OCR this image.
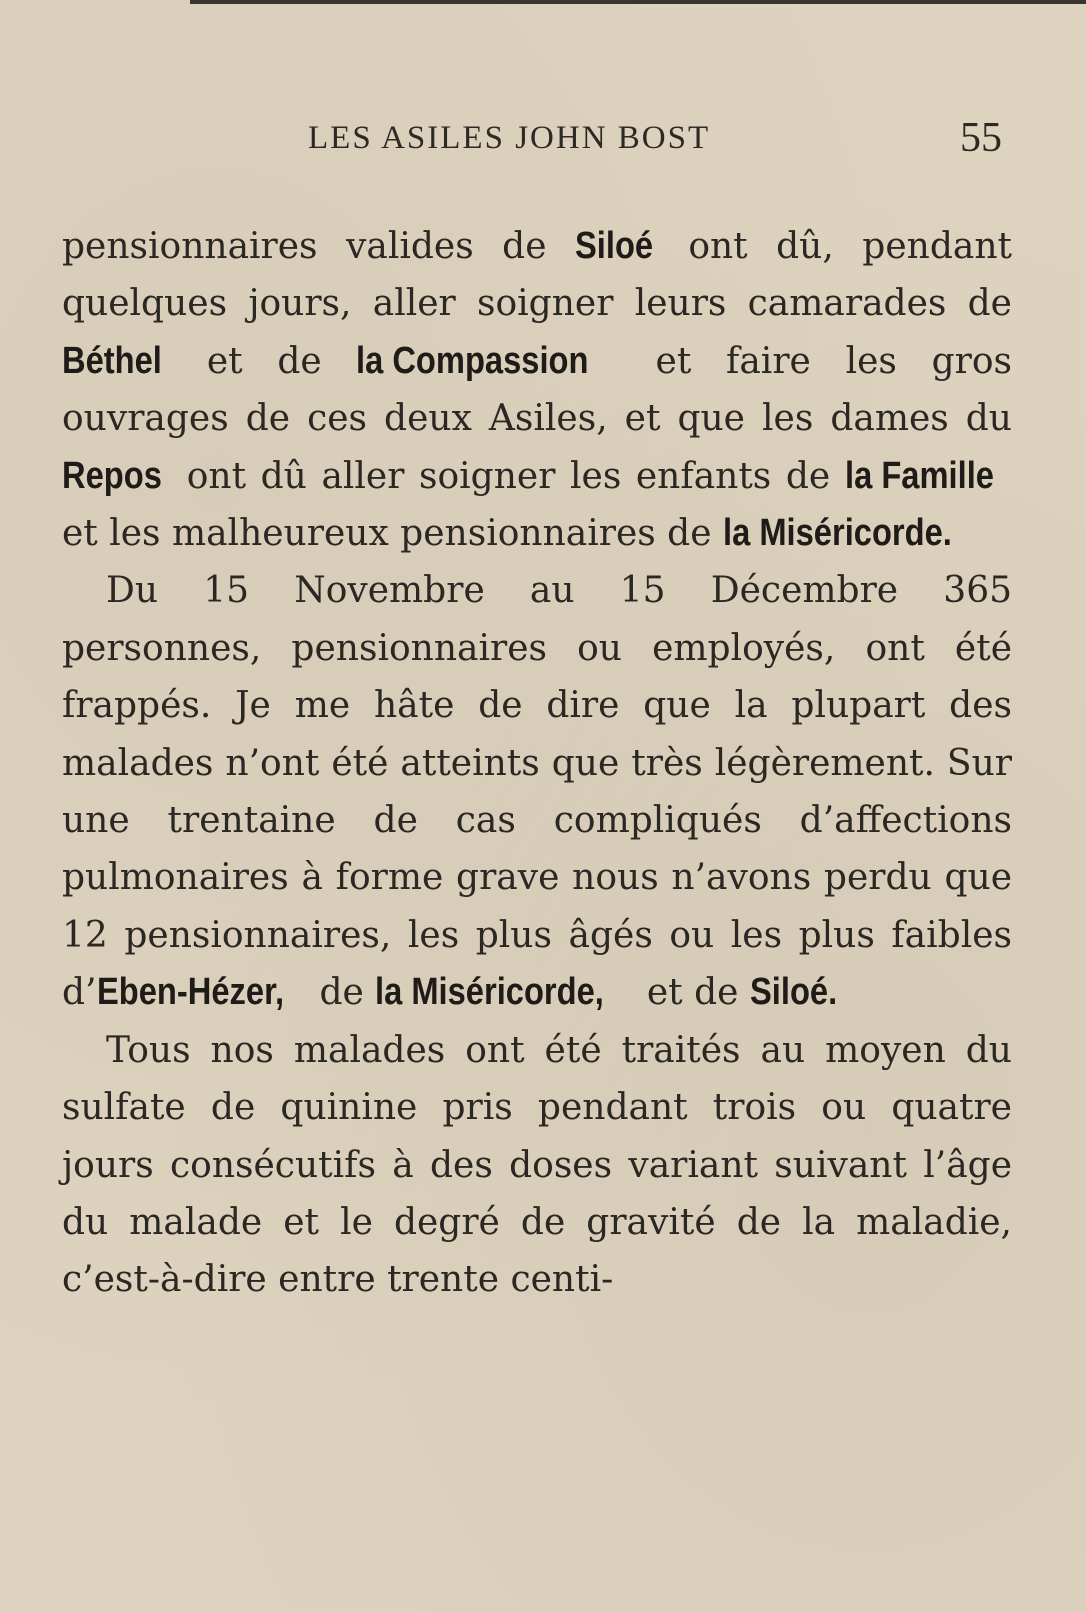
LES ASILES JOHN BOST	55

pensionnaires valides de Siloé ont dû, pendant quelques jours, aller soigner leurs camarades de Béthel et de la Compassion et faire les gros ouvrages de ces deux Asiles, et que les dames du Repos ont dû aller soigner les enfants de la Famille et les malheureux pensionnaires de la Miséricorde.

Du 15 Novembre au 15 Décembre 365 personnes, pensionnaires ou employés, ont été frappés. Je me hâte de dire que la plupart des malades n’ont été atteints que très légèrement. Sur une trentaine de cas compliqués d’affections pulmonaires à forme grave nous n’avons perdu que 12 pensionnaires, les plus âgés ou les plus faibles d’Eben-Hézer, de la Miséricorde, et de Siloé.

Tous nos malades ont été traités au moyen du sulfate de quinine pris pendant trois ou quatre jours consécutifs à des doses variant suivant l’âge du malade et le degré de gravité de la maladie, c’est-à-dire entre trente centi-
